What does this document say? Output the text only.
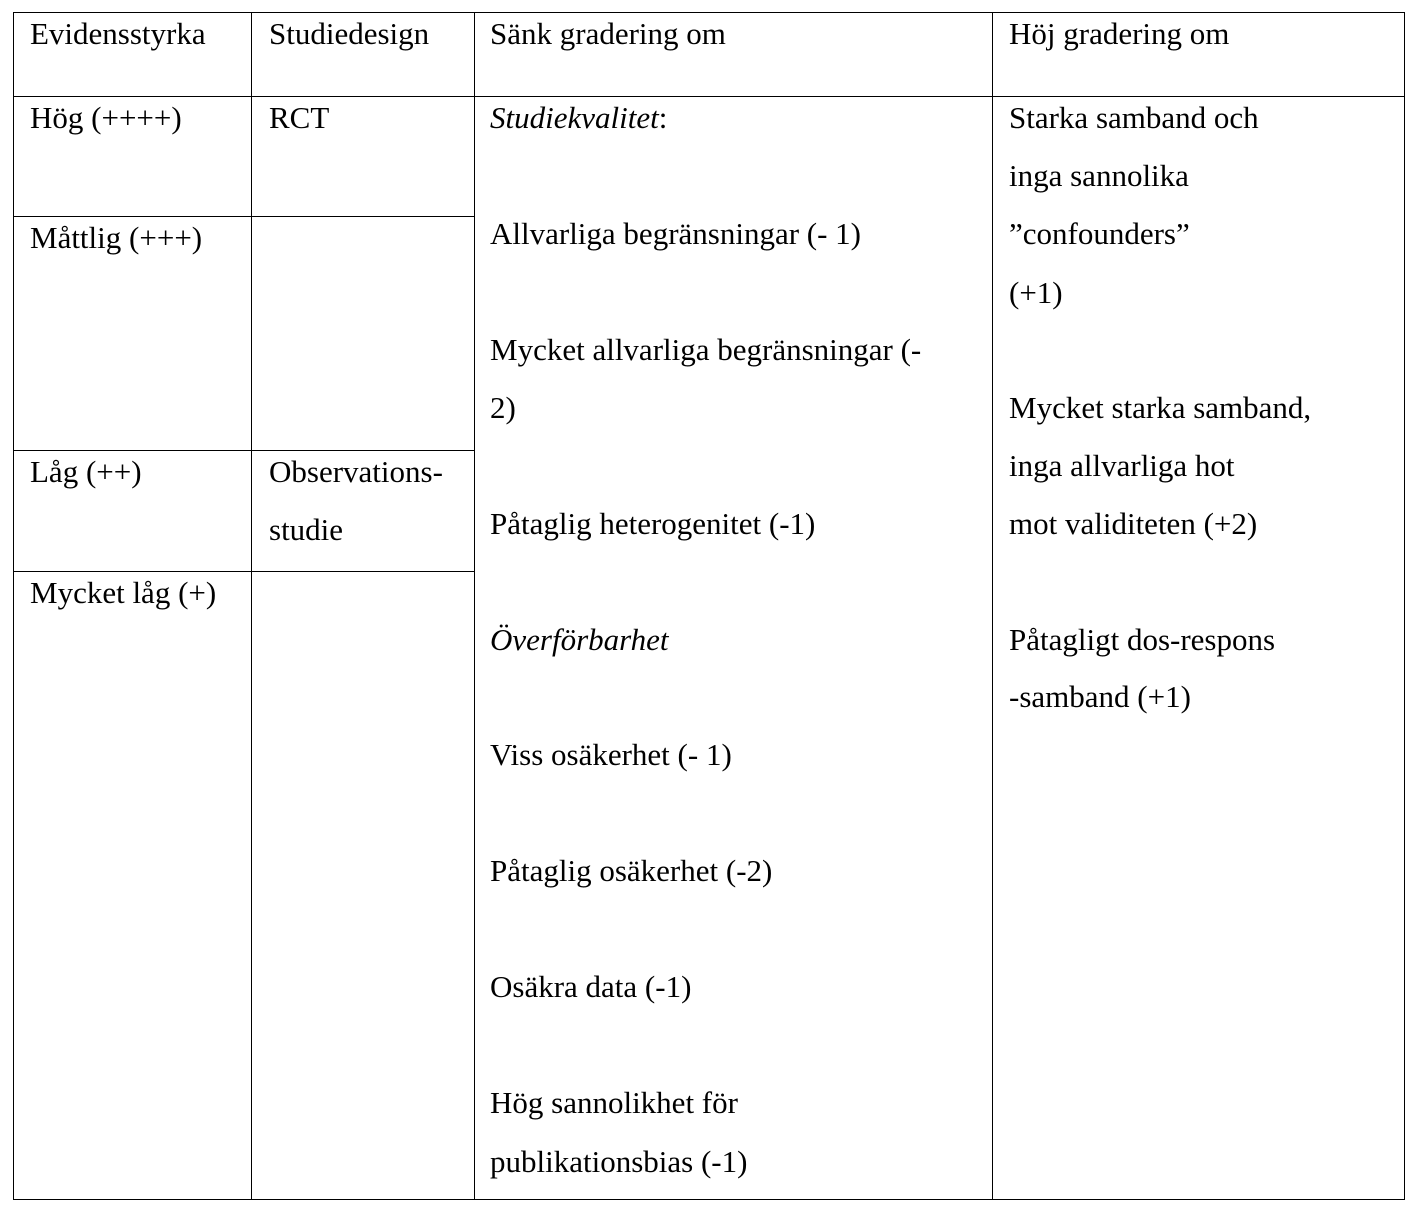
Evidensstyrka Studiedesign Sänk gradering om	Höj gradering om
Hög (++++)
Måttlig (+++)
Låg (++)
Mycket låg (+)
RCT
Observations-
studie
Studiekvalitet:
Allvarliga begränsningar (- 1)
Mycket allvarliga begränsningar (-
2)
Påtaglig heterogenitet (-1)
Överförbarhet
Viss osäkerhet (- 1)
Påtaglig osäkerhet (-2)
Osäkra data (-1)
Hög sannolikhet för
publikationsbias (-1)
Starka samband och
inga sannolika
”confounders”
(+1)
Mycket starka samband,
inga allvarliga hot
mot validiteten (+2)
Påtagligt dos-respons
-samband (+1)
